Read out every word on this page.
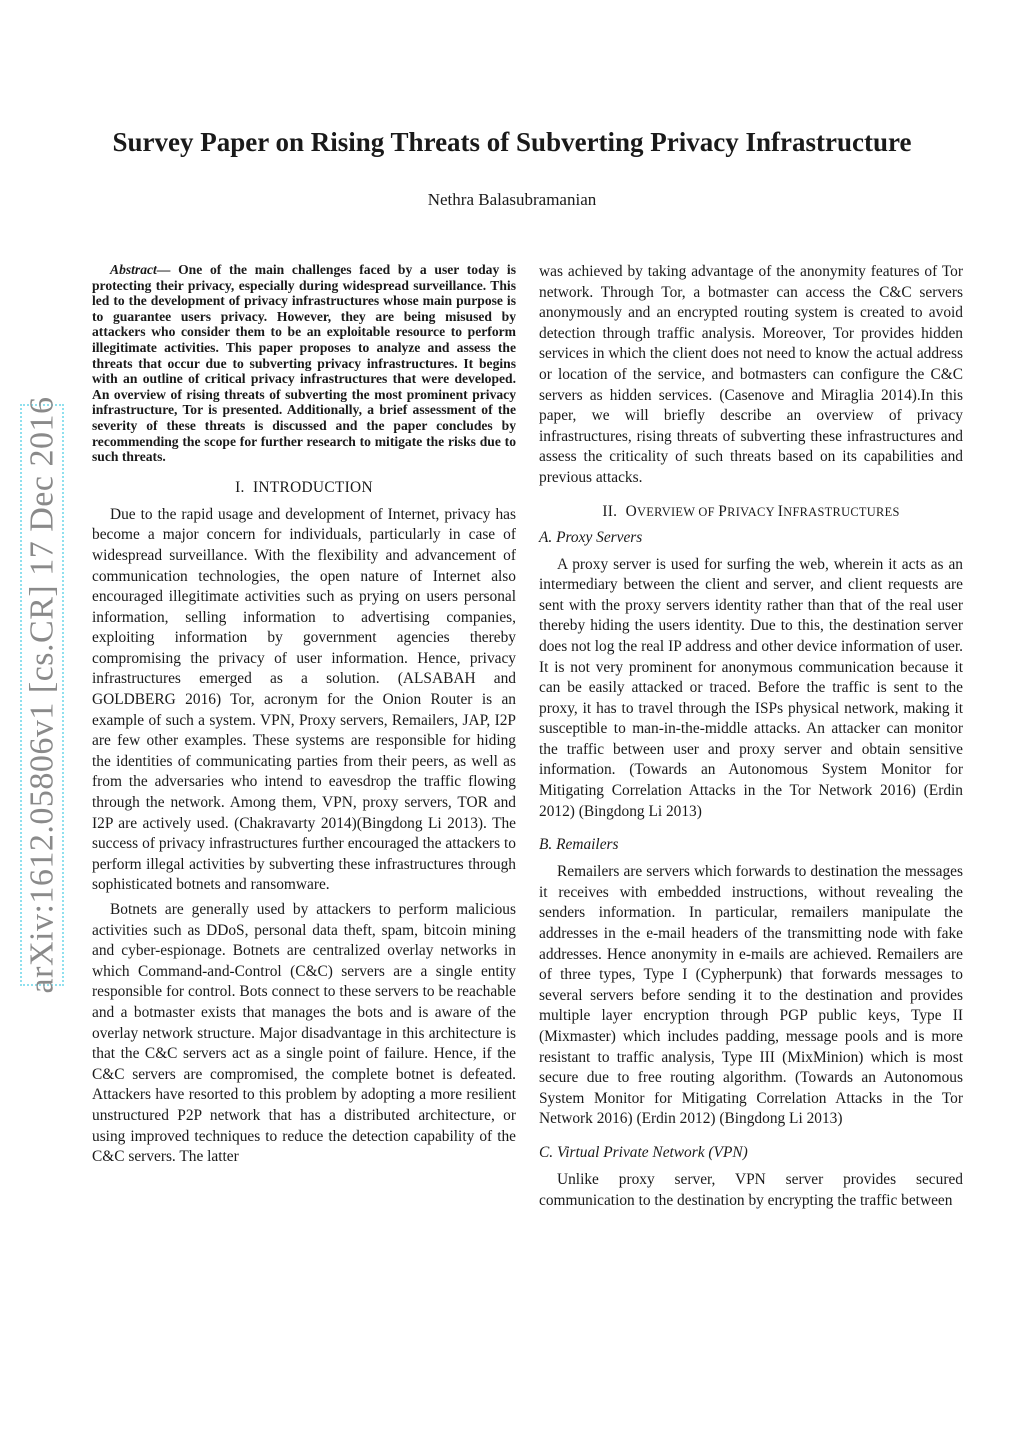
arXiv:1612.05806v1 [cs.CR] 17 Dec 2016
Survey Paper on Rising Threats of Subverting Privacy Infrastructure
Nethra Balasubramanian
Abstract— One of the main challenges faced by a user today is protecting their privacy, especially during widespread surveillance. This led to the development of privacy infrastructures whose main purpose is to guarantee users privacy. However, they are being misused by attackers who consider them to be an exploitable resource to perform illegitimate activities. This paper proposes to analyze and assess the threats that occur due to subverting privacy infrastructures. It begins with an outline of critical privacy infrastructures that were developed. An overview of rising threats of subverting the most prominent privacy infrastructure, Tor is presented. Additionally, a brief assessment of the severity of these threats is discussed and the paper concludes by recommending the scope for further research to mitigate the risks due to such threats.
I. INTRODUCTION

Due to the rapid usage and development of Internet, privacy has become a major concern for individuals, particularly in case of widespread surveillance. With the flexibility and advancement of communication technologies, the open nature of Internet also encouraged illegitimate activities such as prying on users personal information, selling information to advertising companies, exploiting information by government agencies thereby compromising the privacy of user information. Hence, privacy infrastructures emerged as a solution. (ALSABAH and GOLDBERG 2016) Tor, acronym for the Onion Router is an example of such a system. VPN, Proxy servers, Remailers, JAP, I2P are few other examples. These systems are responsible for hiding the identities of communicating parties from their peers, as well as from the adversaries who intend to eavesdrop the traffic flowing through the network. Among them, VPN, proxy servers, TOR and I2P are actively used. (Chakravarty 2014)(Bingdong Li 2013). The success of privacy infrastructures further encouraged the attackers to perform illegal activities by subverting these infrastructures through sophisticated botnets and ransomware.

Botnets are generally used by attackers to perform malicious activities such as DDoS, personal data theft, spam, bitcoin mining and cyber-espionage. Botnets are centralized overlay networks in which Command-and-Control (C&C) servers are a single entity responsible for control. Bots connect to these servers to be reachable and a botmaster exists that manages the bots and is aware of the overlay network structure. Major disadvantage in this architecture is that the C&C servers act as a single point of failure. Hence, if the C&C servers are compromised, the complete botnet is defeated. Attackers have resorted to this problem by adopting a more resilient unstructured P2P network that has a distributed architecture, or using improved techniques to reduce the detection capability of the C&C servers. The latter

was achieved by taking advantage of the anonymity features of Tor network. Through Tor, a botmaster can access the C&C servers anonymously and an encrypted routing system is created to avoid detection through traffic analysis. Moreover, Tor provides hidden services in which the client does not need to know the actual address or location of the service, and botmasters can configure the C&C servers as hidden services. (Casenove and Miraglia 2014).In this paper, we will briefly describe an overview of privacy infrastructures, rising threats of subverting these infrastructures and assess the criticality of such threats based on its capabilities and previous attacks.

II. OVERVIEW OF PRIVACY INFRASTRUCTURES
A. Proxy Servers

A proxy server is used for surfing the web, wherein it acts as an intermediary between the client and server, and client requests are sent with the proxy servers identity rather than that of the real user thereby hiding the users identity. Due to this, the destination server does not log the real IP address and other device information of user. It is not very prominent for anonymous communication because it can be easily attacked or traced. Before the traffic is sent to the proxy, it has to travel through the ISPs physical network, making it susceptible to man-in-the-middle attacks. An attacker can monitor the traffic between user and proxy server and obtain sensitive information. (Towards an Autonomous System Monitor for Mitigating Correlation Attacks in the Tor Network 2016) (Erdin 2012) (Bingdong Li 2013)

B. Remailers

Remailers are servers which forwards to destination the messages it receives with embedded instructions, without revealing the senders information. In particular, remailers manipulate the addresses in the e-mail headers of the transmitting node with fake addresses. Hence anonymity in e-mails are achieved. Remailers are of three types, Type I (Cypherpunk) that forwards messages to several servers before sending it to the destination and provides multiple layer encryption through PGP public keys, Type II (Mixmaster) which includes padding, message pools and is more resistant to traffic analysis, Type III (MixMinion) which is most secure due to free routing algorithm. (Towards an Autonomous System Monitor for Mitigating Correlation Attacks in the Tor Network 2016) (Erdin 2012) (Bingdong Li 2013)

C. Virtual Private Network (VPN)

Unlike proxy server, VPN server provides secured communication to the destination by encrypting the traffic between
